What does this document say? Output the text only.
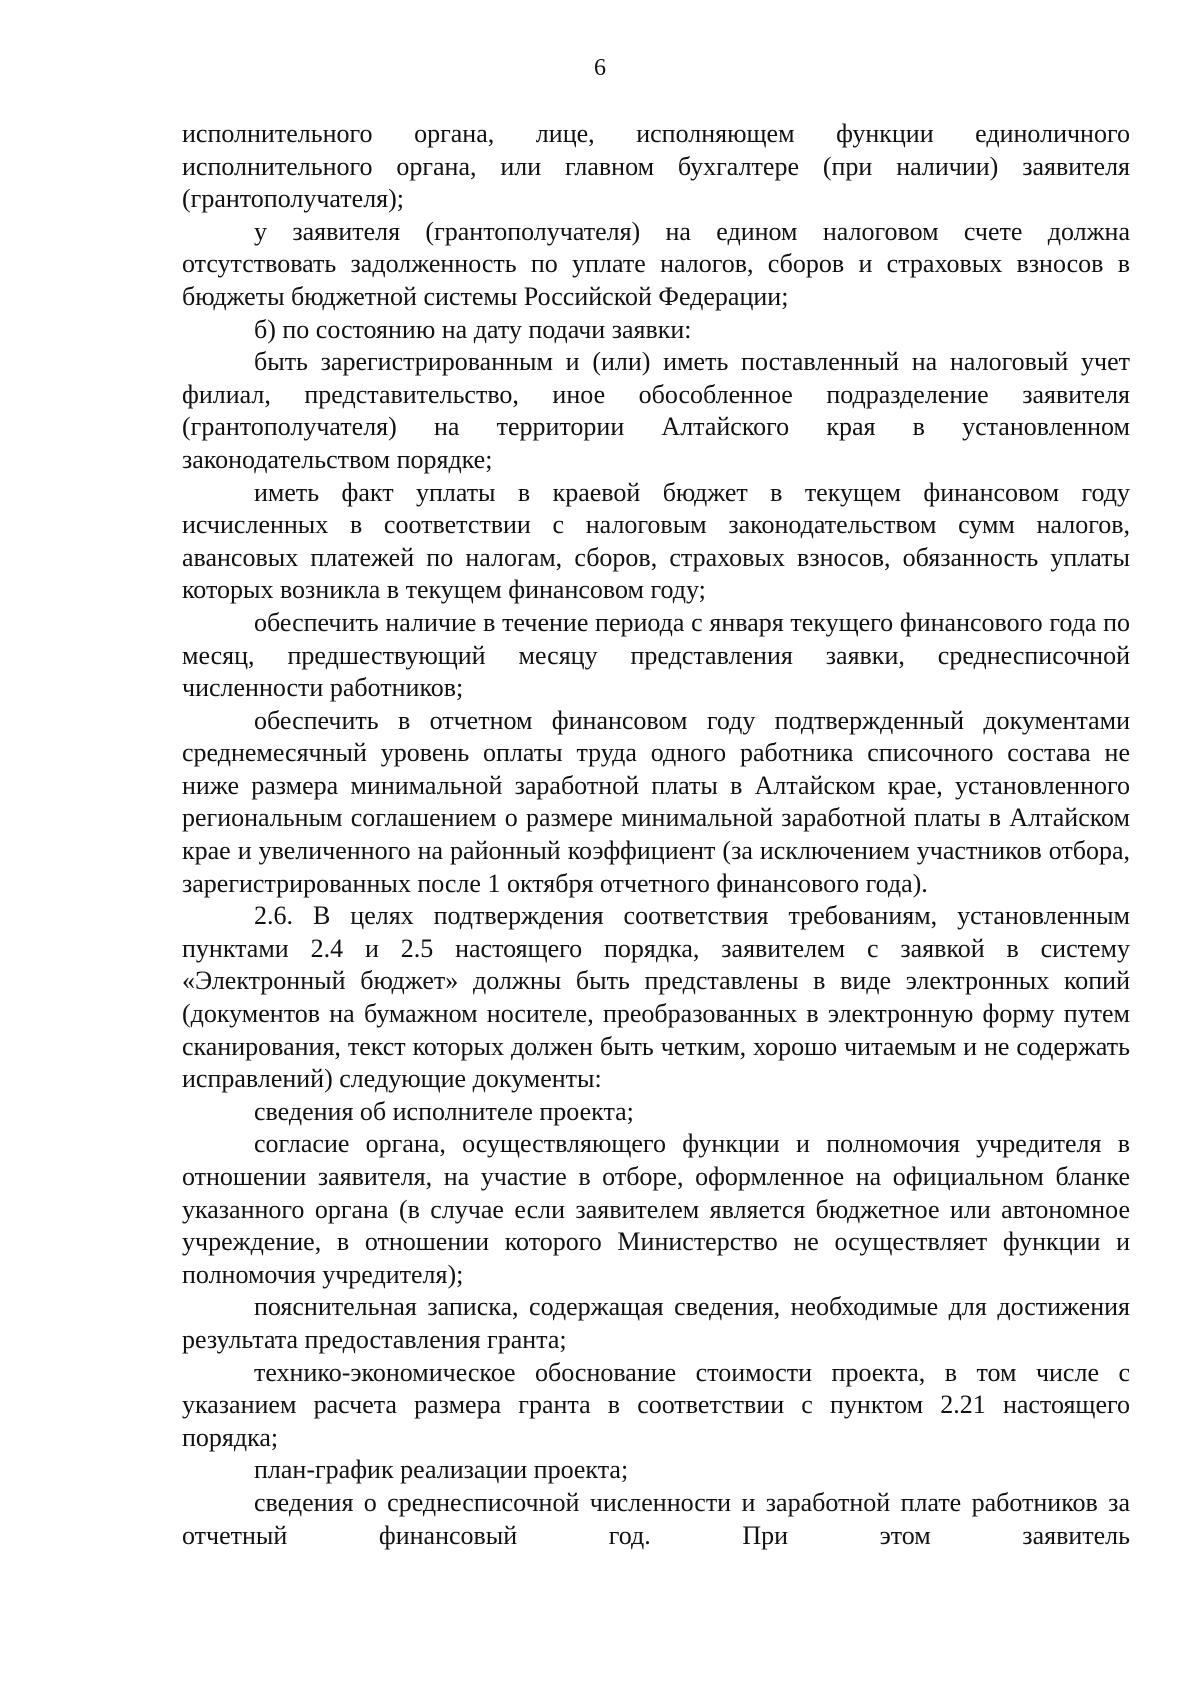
6

исполнительного органа, лице, исполняющем функции единоличного исполнительного органа, или главном бухгалтере (при наличии) заявителя (грантополучателя);

у заявителя (грантополучателя) на едином налоговом счете должна отсутствовать задолженность по уплате налогов, сборов и страховых взносов в бюджеты бюджетной системы Российской Федерации;

б) по состоянию на дату подачи заявки:

быть зарегистрированным и (или) иметь поставленный на налоговый учет филиал, представительство, иное обособленное подразделение заявителя (грантополучателя) на территории Алтайского края в установленном законодательством порядке;

иметь факт уплаты в краевой бюджет в текущем финансовом году исчисленных в соответствии с налоговым законодательством сумм налогов, авансовых платежей по налогам, сборов, страховых взносов, обязанность уплаты которых возникла в текущем финансовом году;

обеспечить наличие в течение периода с января текущего финансового года по месяц, предшествующий месяцу представления заявки, среднесписочной численности работников;

обеспечить в отчетном финансовом году подтвержденный документами среднемесячный уровень оплаты труда одного работника списочного состава не ниже размера минимальной заработной платы в Алтайском крае, установленного региональным соглашением о размере минимальной заработной платы в Алтайском крае и увеличенного на районный коэффициент (за исключением участников отбора, зарегистрированных после 1 октября отчетного финансового года).

2.6. В целях подтверждения соответствия требованиям, установленным пунктами 2.4 и 2.5 настоящего порядка, заявителем с заявкой в систему «Электронный бюджет» должны быть представлены в виде электронных копий (документов на бумажном носителе, преобразованных в электронную форму путем сканирования, текст которых должен быть четким, хорошо читаемым и не содержать исправлений) следующие документы:

сведения об исполнителе проекта;

согласие органа, осуществляющего функции и полномочия учредителя в отношении заявителя, на участие в отборе, оформленное на официальном бланке указанного органа (в случае если заявителем является бюджетное или автономное учреждение, в отношении которого Министерство не осуществляет функции и полномочия учредителя);

пояснительная записка, содержащая сведения, необходимые для достижения результата предоставления гранта;

технико-экономическое обоснование стоимости проекта, в том числе с указанием расчета размера гранта в соответствии с пунктом 2.21 настоящего порядка;

план-график реализации проекта;

сведения о среднесписочной численности и заработной плате работников за отчетный финансовый год. При этом заявитель
